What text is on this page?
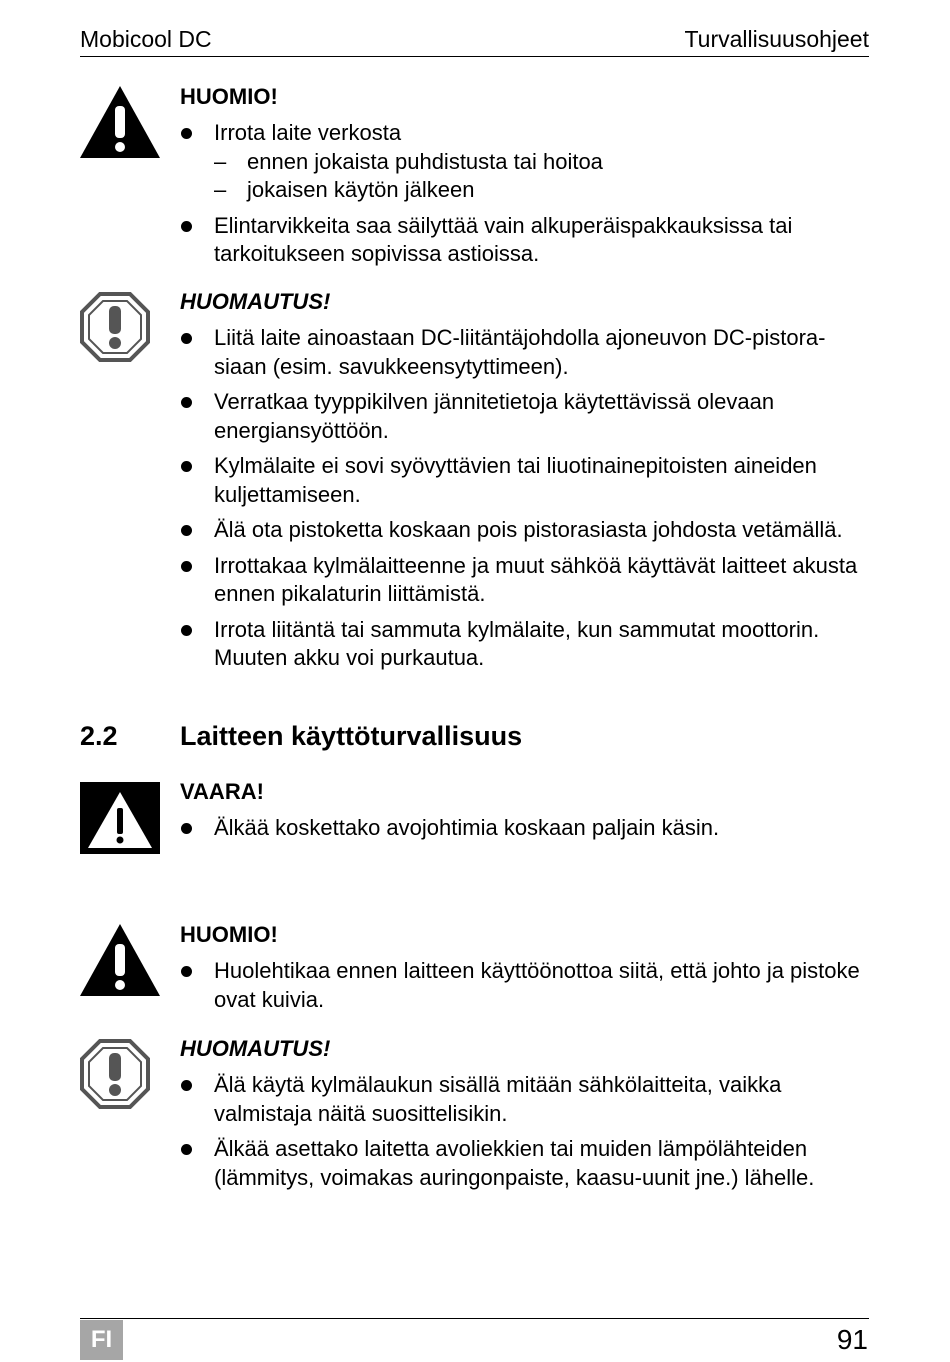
Mobicool DC	Turvallisuusohjeet
HUOMIO!
Irrota laite verkosta
– ennen jokaista puhdistusta tai hoitoa
– jokaisen käytön jälkeen
Elintarvikkeita saa säilyttää vain alkuperäispakkauksissa tai tarkoitukseen sopivissa astioissa.
HUOMAUTUS!
Liitä laite ainoastaan DC-liitäntäjohdolla ajoneuvon DC-pistora-siaan (esim. savukkeensytyttimeen).
Verratkaa tyyppikilven jännitetietoja käytettävissä olevaan energiansyöttöön.
Kylmälaite ei sovi syövyttävien tai liuotinainepitoisten aineiden kuljettamiseen.
Älä ota pistoketta koskaan pois pistorasiasta johdosta vetämällä.
Irrottakaa kylmälaitteenne ja muut sähköä käyttävät laitteet akusta ennen pikalaturin liittämistä.
Irrota liitäntä tai sammuta kylmälaite, kun sammutat moottorin. Muuten akku voi purkautua.
2.2 Laitteen käyttöturvallisuus
VAARA!
Älkää koskettako avojohtimia koskaan paljain käsin.
HUOMIO!
Huolehtikaa ennen laitteen käyttöönottoa siitä, että johto ja pistoke ovat kuivia.
HUOMAUTUS!
Älä käytä kylmälaukun sisällä mitään sähkölaitteita, vaikka valmistaja näitä suosittelisikin.
Älkää asettako laitetta avoliekkien tai muiden lämpölähteiden (lämmitys, voimakas auringonpaiste, kaasu-uunit jne.) lähelle.
FI	91
